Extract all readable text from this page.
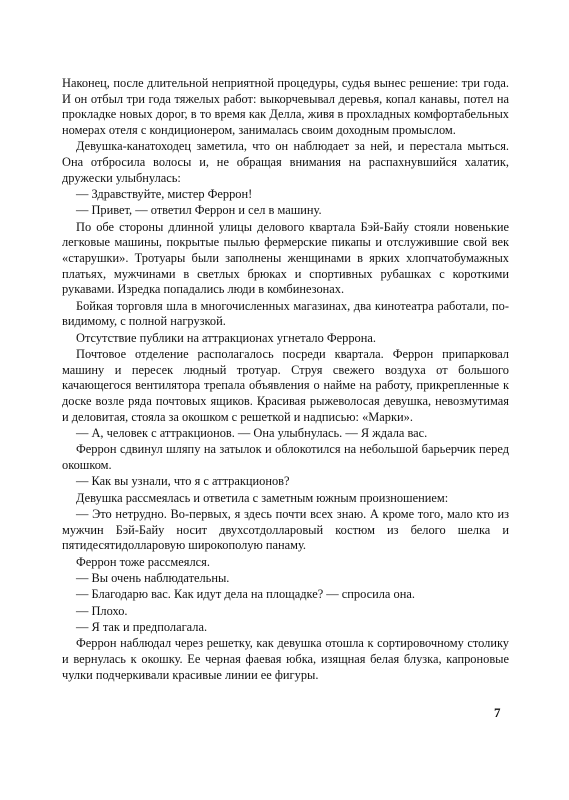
Наконец, после длительной неприятной процедуры, судья вынес решение: три года. И он отбыл три года тяжелых работ: выкорчевывал деревья, копал канавы, потел на прокладке новых дорог, в то время как Делла, живя в прохладных комфортабельных номерах отеля с кондиционером, занималась своим доходным промыслом.

Девушка-канатоходец заметила, что он наблюдает за ней, и перестала мыться. Она отбросила волосы и, не обращая внимания на распахнувшийся халатик, дружески улыбнулась:

— Здравствуйте, мистер Феррон!

— Привет, — ответил Феррон и сел в машину.

По обе стороны длинной улицы делового квартала Бэй-Байу стояли новенькие легковые машины, покрытые пылью фермерские пикапы и отслужившие свой век «старушки». Тротуары были заполнены женщинами в ярких хлопчатобумажных платьях, мужчинами в светлых брюках и спортивных рубашках с короткими рукавами. Изредка попадались люди в комбинезонах.

Бойкая торговля шла в многочисленных магазинах, два кинотеатра работали, по-видимому, с полной нагрузкой.

Отсутствие публики на аттракционах угнетало Феррона.

Почтовое отделение располагалось посреди квартала. Феррон припарковал машину и пересек людный тротуар. Струя свежего воздуха от большого качающегося вентилятора трепала объявления о найме на работу, прикрепленные к доске возле ряда почтовых ящиков. Красивая рыжеволосая девушка, невозмутимая и деловитая, стояла за окошком с решеткой и надписью: «Марки».

— А, человек с аттракционов. — Она улыбнулась. — Я ждала вас.

Феррон сдвинул шляпу на затылок и облокотился на небольшой барьерчик перед окошком.

— Как вы узнали, что я с аттракционов?

Девушка рассмеялась и ответила с заметным южным произношением:

— Это нетрудно. Во-первых, я здесь почти всех знаю. А кроме того, мало кто из мужчин Бэй-Байу носит двухсотдолларовый костюм из белого шелка и пятидесятидолларовую широкополую панаму.

Феррон тоже рассмеялся.

— Вы очень наблюдательны.

— Благодарю вас. Как идут дела на площадке? — спросила она.

— Плохо.

— Я так и предполагала.

Феррон наблюдал через решетку, как девушка отошла к сортировочному столику и вернулась к окошку. Ее черная фаевая юбка, изящная белая блузка, капроновые чулки подчеркивали красивые линии ее фигуры.

7
